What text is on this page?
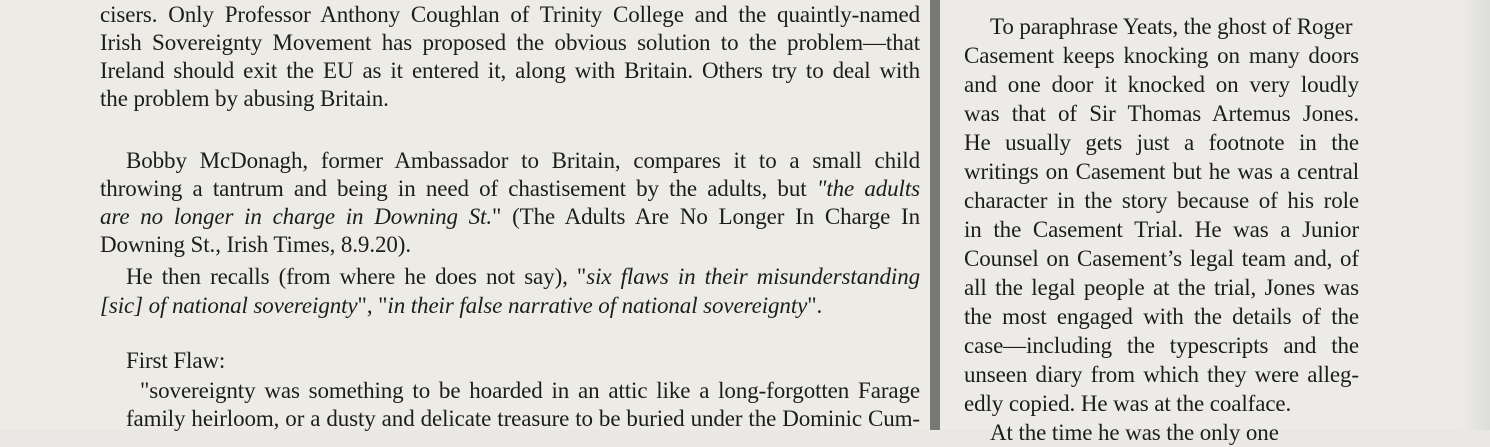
cisers. Only Professor Anthony Coughlan of Trinity College and the quaintly-named
Irish Sovereignty Movement has proposed the obvious solution to the problem—that
Ireland should exit the EU as it entered it, along with Britain. Others try to deal with
the problem by abusing Britain.
Bobby McDonagh, former Ambassador to Britain, compares it to a small child
throwing a tantrum and being in need of chastisement by the adults, but "the adults
are no longer in charge in Downing St." (The Adults Are No Longer In Charge In
Downing St., Irish Times, 8.9.20).
He then recalls (from where he does not say), "six flaws in their misunderstanding
[sic] of national sovereignty", "in their false narrative of national sovereignty".
First Flaw:
"sovereignty was something to be hoarded in an attic like a long-forgotten Farage
family heirloom, or a dusty and delicate treasure to be buried under the Dominic Cum-
To paraphrase Yeats, the ghost of Roger
Casement keeps knocking on many doors
and one door it knocked on very loudly
was that of Sir Thomas Artemus Jones.
He usually gets just a footnote in the
writings on Casement but he was a central
character in the story because of his role
in the Casement Trial. He was a Junior
Counsel on Casement’s legal team and, of
all the legal people at the trial, Jones was
the most engaged with the details of the
case—including the typescripts and the
unseen diary from which they were alleg-
edly copied. He was at the coalface.
At the time he was the only one
